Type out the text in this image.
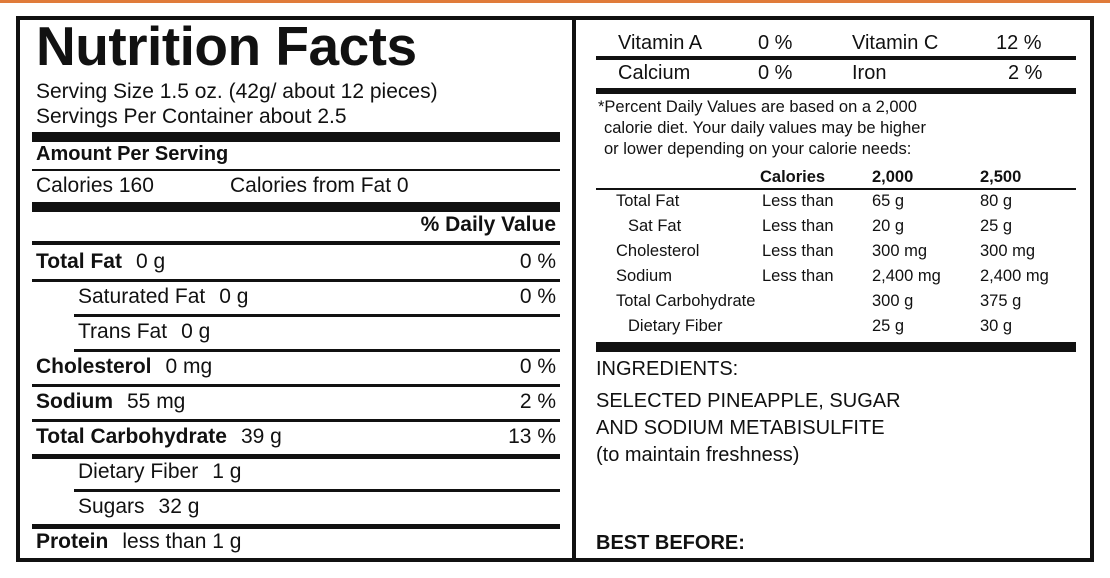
Nutrition Facts
Serving Size 1.5 oz. (42g/ about 12 pieces)
Servings Per Container about 2.5
Amount Per Serving
Calories 160	Calories from Fat 0
% Daily Value
Total Fat 0 g	0 %
Saturated Fat 0 g	0 %
Trans Fat 0 g
Cholesterol 0 mg	0 %
Sodium 55 mg	2 %
Total Carbohydrate 39 g	13 %
Dietary Fiber 1 g
Sugars 32 g
Protein less than 1 g
Vitamin A	0 %	Vitamin C	12 %
Calcium	0 %	Iron	2 %
*Percent Daily Values are based on a 2,000
calorie diet. Your daily values may be higher
or lower depending on your calorie needs:
Calories	2,000	2,500
Total Fat	Less than 65 g	80 g
Sat Fat	Less than 20 g	25 g
Cholesterol	Less than 300 mg	300 mg
Sodium	Less than 2,400 mg 2,400 mg
Total Carbohydrate	300 g	375 g
Dietary Fiber	25 g	30 g
INGREDIENTS:
SELECTED PINEAPPLE, SUGAR
AND SODIUM METABISULFITE
(to maintain freshness)
BEST BEFORE:
